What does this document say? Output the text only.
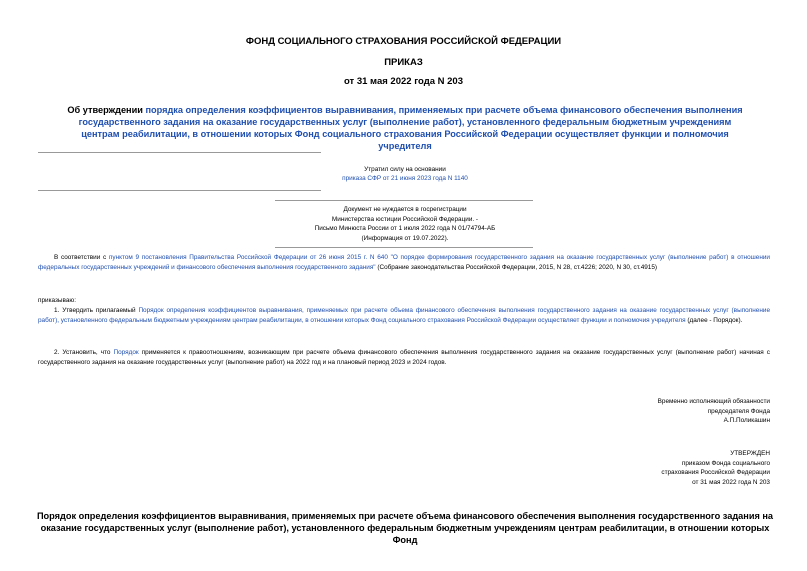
ФОНД СОЦИАЛЬНОГО СТРАХОВАНИЯ РОССИЙСКОЙ ФЕДЕРАЦИИ
ПРИКАЗ
от 31 мая 2022 года N 203
Об утверждении порядка определения коэффициентов выравнивания, применяемых при расчете объема финансового обеспечения выполнения государственного задания на оказание государственных услуг (выполнение работ), установленного федеральным бюджетным учреждениям центрам реабилитации, в отношении которых Фонд социального страхования Российской Федерации осуществляет функции и полномочия учредителя
Утратил силу на основании
приказа СФР от 21 июня 2023 года N 1140
Документ не нуждается в госрегистрации
Министерства юстиции Российской Федерации. -
Письмо Минюста России от 1 июля 2022 года N 01/74794-АБ
(Информация от 19.07.2022).
В соответствии с пунктом 9 постановления Правительства Российской Федерации от 26 июня 2015 г. N 640 "О порядке формирования государственного задания на оказание государственных услуг (выполнение работ) в отношении федеральных государственных учреждений и финансового обеспечения выполнения государственного задания" (Собрание законодательства Российской Федерации, 2015, N 28, ст.4226; 2020, N 30, ст.4915)
приказываю:
1. Утвердить прилагаемый Порядок определения коэффициентов выравнивания, применяемых при расчете объема финансового обеспечения выполнения государственного задания на оказание государственных услуг (выполнение работ), установленного федеральным бюджетным учреждениям центрам реабилитации, в отношении которых Фонд социального страхования Российской Федерации осуществляет функции и полномочия учредителя (далее - Порядок).
2. Установить, что Порядок применяется к правоотношениям, возникающим при расчете объема финансового обеспечения выполнения государственного задания на оказание государственных услуг (выполнение работ) начиная с государственного задания на оказание государственных услуг (выполнение работ) на 2022 год и на плановый период 2023 и 2024 годов.
Временно исполняющий обязанности
председателя Фонда
А.П.Поликашин
УТВЕРЖДЕН
приказом Фонда социального
страхования Российской Федерации
от 31 мая 2022 года N 203
Порядок определения коэффициентов выравнивания, применяемых при расчете объема финансового обеспечения выполнения государственного задания на оказание государственных услуг (выполнение работ), установленного федеральным бюджетным учреждениям центрам реабилитации, в отношении которых Фонд
